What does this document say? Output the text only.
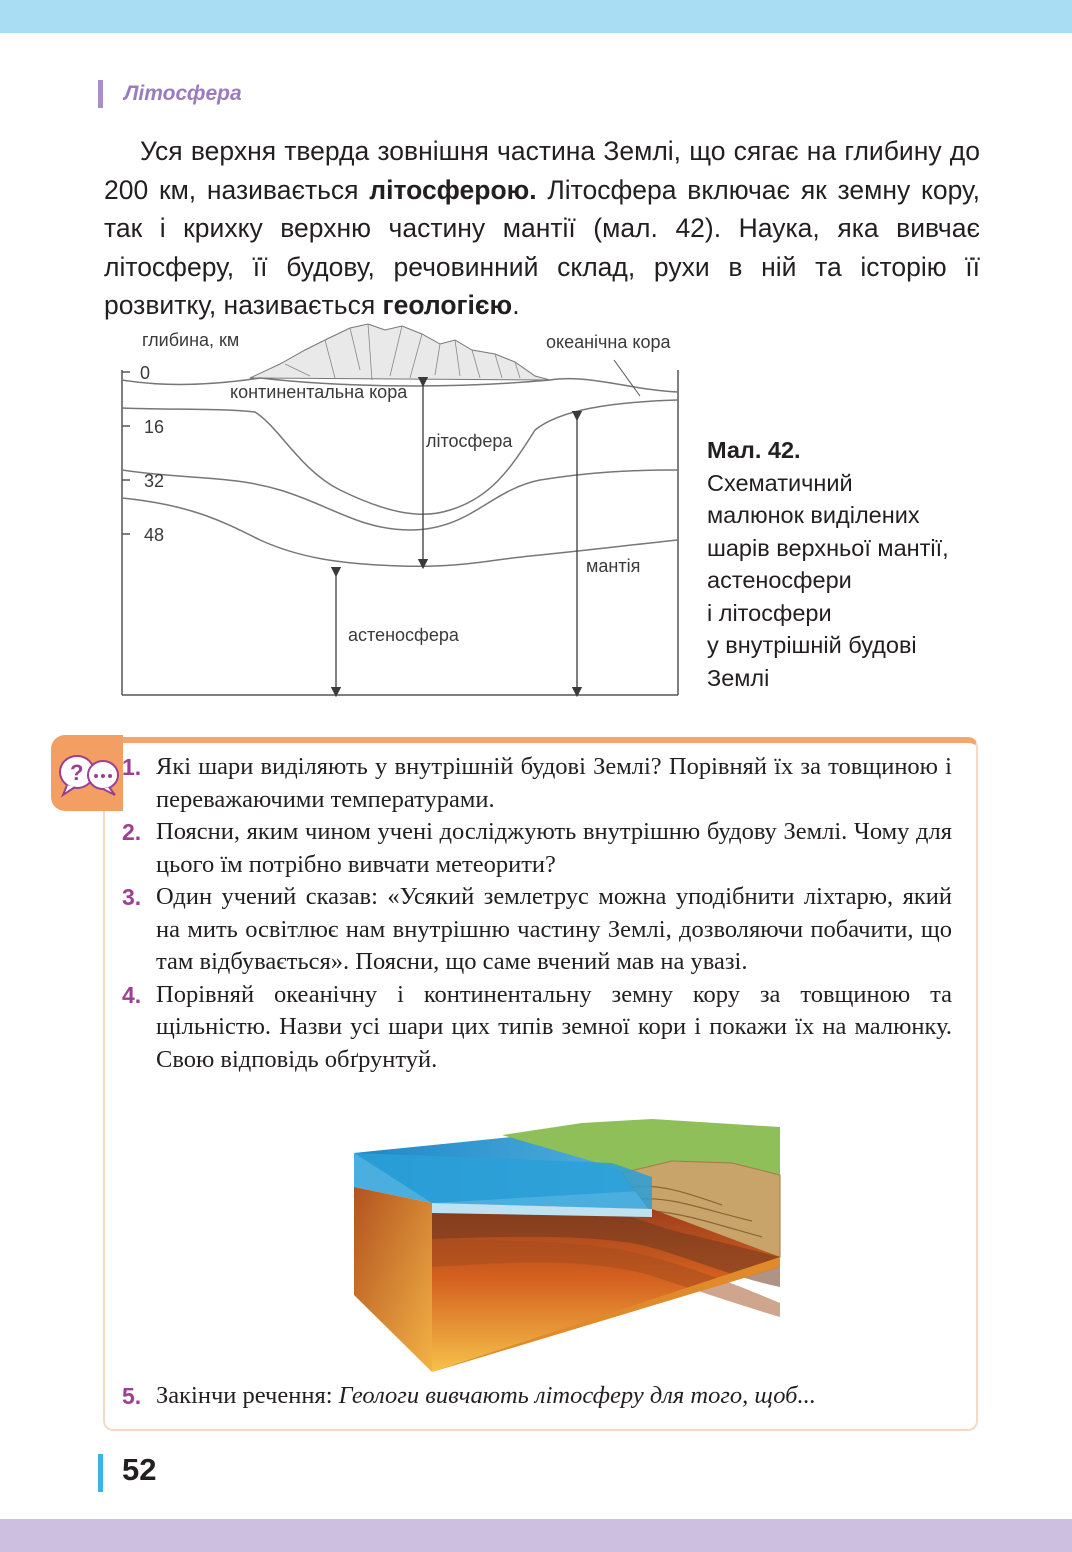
Літосфера

Уся верхня тверда зовнішня частина Землі, що сягає на глибину до 200 км, називається літосферою. Літосфера включає як земну кору, так і крихку верхню частину мантії (мал. 42). Наука, яка вивчає літосферу, її будову, речовинний склад, рухи в ній та історію її розвитку, називається геологією.

глибина, км
0
16
32
48
континентальна кора
океанічна кора
літосфера
мантія
астеносфера
Мал. 42.
Схематичний
малюнок виділених
шарів верхньої мантії,
астеносфери
і літосфери
у внутрішній будові
Землі
? 1. Які шари виділяють у внутрішній будові Землі? Порівняй їх за товщиною і переважаючими температурами.
2. Поясни, яким чином учені досліджують внутрішню будову Землі. Чому для цього їм потрібно вивчати метеорити?
3. Один учений сказав: «Усякий землетрус можна уподібнити ліхтарю, який на мить освітлює нам внутрішню частину Землі, дозволяючи побачити, що там відбувається». Поясни, що саме вчений мав на увазі.
4. Порівняй океанічну і континентальну земну кору за товщиною та щільністю. Назви усі шари цих типів земної кори і покажи їх на малюнку. Свою відповідь обґрунтуй.
5. Закінчи речення: Геологи вивчають літосферу для того, щоб...
52
